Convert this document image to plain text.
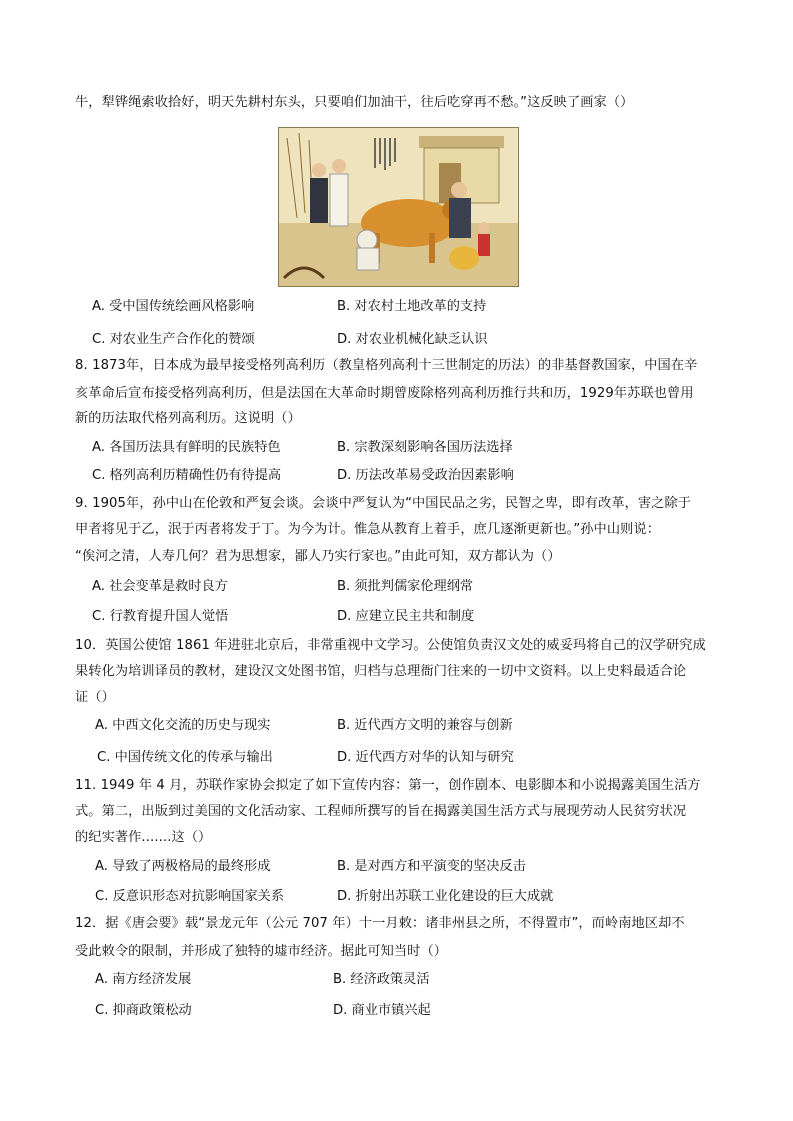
牛，犁铧绳索收拾好，明天先耕村东头，只要咱们加油干，往后吃穿再不愁。”这反映了画家（）
A. 受中国传统绘画风格影响	B. 对农村土地改革的支持
C. 对农业生产合作化的赞颂	D. 对农业机械化缺乏认识
8. 1873年，日本成为最早接受格列高利历（教皇格列高利十三世制定的历法）的非基督教国家，中国在辛
亥革命后宣布接受格列高利历，但是法国在大革命时期曾废除格列高利历推行共和历，1929年苏联也曾用
新的历法取代格列高利历。这说明（）
A. 各国历法具有鲜明的民族特色	B. 宗教深刻影响各国历法选择
C. 格列高利历精确性仍有待提高	D. 历法改革易受政治因素影响
9. 1905年，孙中山在伦敦和严复会谈。会谈中严复认为“中国民品之劣，民智之卑，即有改革，害之除于
甲者将见于乙，泯于丙者将发于丁。为今为计。惟急从教育上着手，庶几逐渐更新也。”孙中山则说：
“俟河之清，人寿几何？君为思想家，鄙人乃实行家也。”由此可知，双方都认为（）
A. 社会变革是救时良方	B. 须批判儒家伦理纲常
C. 行教育提升国人觉悟	D. 应建立民主共和制度
10．英国公使馆 1861 年进驻北京后，非常重视中文学习。公使馆负责汉文处的威妥玛将自己的汉学研究成
果转化为培训译员的教材，建设汉文处图书馆，归档与总理衙门往来的一切中文资料。以上史料最适合论
证（）
A. 中西文化交流的历史与现实	B. 近代西方文明的兼容与创新
C. 中国传统文化的传承与输出	D. 近代西方对华的认知与研究
11. 1949 年 4 月，苏联作家协会拟定了如下宣传内容：第一，创作剧本、电影脚本和小说揭露美国生活方
式。第二，出版到过美国的文化活动家、工程师所撰写的旨在揭露美国生活方式与展现劳动人民贫穷状况
的纪实著作.......这（）
A. 导致了两极格局的最终形成	B. 是对西方和平演变的坚决反击
C. 反意识形态对抗影响国家关系	D. 折射出苏联工业化建设的巨大成就
12．据《唐会要》载“景龙元年（公元 707 年）十一月敕：诸非州县之所，不得置市”，而岭南地区却不
受此敕令的限制，并形成了独特的墟市经济。据此可知当时（）
A. 南方经济发展	B. 经济政策灵活
C. 抑商政策松动	D. 商业市镇兴起
